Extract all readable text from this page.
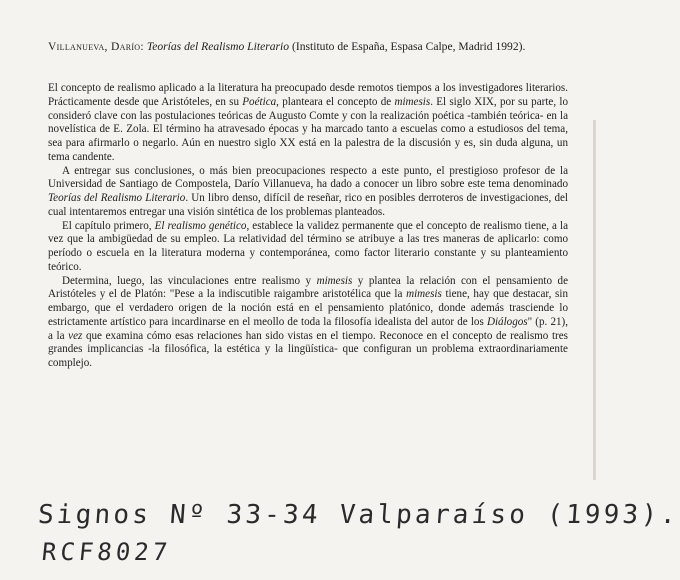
Villanueva, Darío: Teorías del Realismo Literario (Instituto de España, Espasa Calpe, Madrid 1992).

El concepto de realismo aplicado a la literatura ha preocupado desde remotos tiempos a los investigadores literarios. Prácticamente desde que Aristóteles, en su Poética, planteara el concepto de mimesis. El siglo XIX, por su parte, lo consideró clave con las postulaciones teóricas de Augusto Comte y con la realización poética -también teórica- en la novelística de E. Zola. El término ha atravesado épocas y ha marcado tanto a escuelas como a estudiosos del tema, sea para afirmarlo o negarlo. Aún en nuestro siglo XX está en la palestra de la discusión y es, sin duda alguna, un tema candente.

A entregar sus conclusiones, o más bien preocupaciones respecto a este punto, el prestigioso profesor de la Universidad de Santiago de Compostela, Darío Villanueva, ha dado a conocer un libro sobre este tema denominado Teorías del Realismo Literario. Un libro denso, difícil de reseñar, rico en posibles derroteros de investigaciones, del cual intentaremos entregar una visión sintética de los problemas planteados.

El capítulo primero, El realismo genético, establece la validez permanente que el concepto de realismo tiene, a la vez que la ambigüedad de su empleo. La relatividad del término se atribuye a las tres maneras de aplicarlo: como período o escuela en la literatura moderna y contemporánea, como factor literario constante y su planteamiento teórico.

Determina, luego, las vinculaciones entre realismo y mimesis y plantea la relación con el pensamiento de Aristóteles y el de Platón: "Pese a la indiscutible raigambre aristotélica que la mimesis tiene, hay que destacar, sin embargo, que el verdadero origen de la noción está en el pensamiento platónico, donde además trasciende lo estrictamente artístico para incardinarse en el meollo de toda la filosofía idealista del autor de los Diálogos" (p. 21), a la vez que examina cómo esas relaciones han sido vistas en el tiempo. Reconoce en el concepto de realismo tres grandes implicancias -la filosófica, la estética y la lingüística- que configuran un problema extraordinariamente complejo.

Signos Nº 33-34 Valparaíso (1993).
RCF8027
